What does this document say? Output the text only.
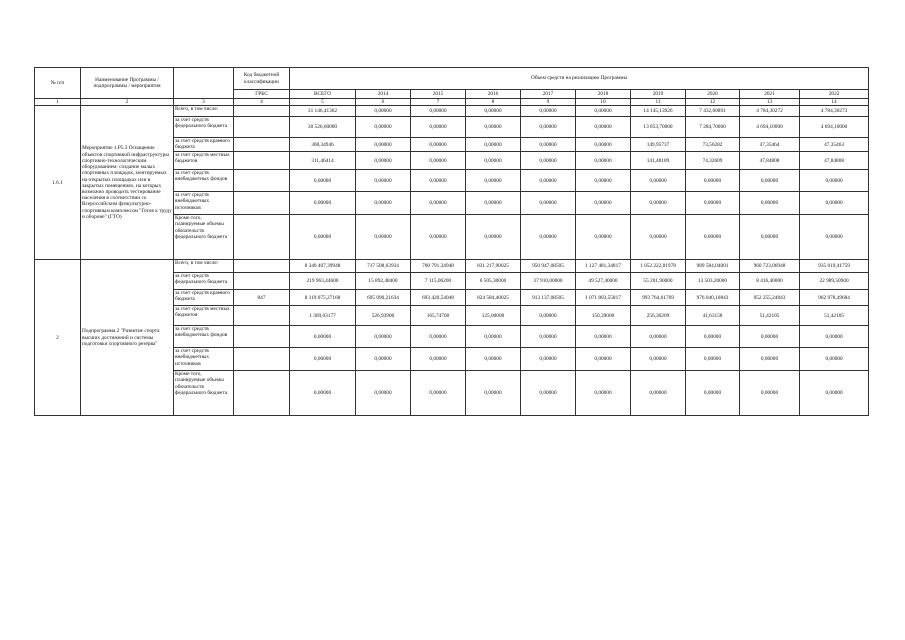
№ п/п	Наименование Программы / подпрограммы / мероприятия		Код бюджетной классификации	Объем средств на реализацию Программы									
			ГРБС	ВСЕГО	2014	2015	2016	2017	2018	2019	2020	2021	2022
1	2	3	4	5	6	7	8	9	10	11	12	13	14
1.6.1	Мероприятие 1.Р5.3 Оснащение объектов спортивной инфраструктуры спортивно-технологическим оборудованием: создание малых спортивных площадок, монтируемых на открытых площадках или в закрытых помещениях, на которых возможно проводить тестирование населения в соответствии со Всероссийским физкультурно-спортивным комплексом "Готов к труду и обороне" (ГТО)	Всего, в том числе:		31 146,41362	0,00000	0,00000	0,00000	0,00000	0,00000	14 145,13926	7 432,60891	4 784,30272	4 784,30273
		за счет средств федерального бюджета		30 526,60000	0,00000	0,00000	0,00000	0,00000	0,00000	13 853,70000	7 284,70000	4 694,10000	4 694,10000
		за счет средств краевого бюджета		308,34946	0,00000	0,00000	0,00000	0,00000	0,00000	149,95737	73,56282	47,35464	47,35463
		за счет средств местных бюджетов		311,46414	0,00000	0,00000	0,00000	0,00000	0,00000	141,48189	74,32609	47,84808	47,84808
		за счет средств внебюджетных фондов		0,00000	0,00000	0,00000	0,00000	0,00000	0,00000	0,00000	0,00000	0,00000	0,00000
		за счет средств внебюджетных источников		0,00000	0,00000	0,00000	0,00000	0,00000	0,00000	0,00000	0,00000	0,00000	0,00000
		Кроме того, планируемые объемы обязательств федерального бюджета		0,00000	0,00000	0,00000	0,00000	0,00000	0,00000	0,00000	0,00000	0,00000	0,00000
2	Подпрограмма 2 "Развитие спорта высших достижений и системы подготовки спортивного резерва"	Всего, в том числе:		8 340 407,39948	717 508,63934	700 791,34948	831 217,90025	950 947,08505	1 127 481,34817	1 052 222,81978	989 584,04001	960 723,06948	935 019,41759
		за счет средств федерального бюджета		219 963,44600	15 892,48400	7 115,06200	6 505,30000	37 910,00000	49 527,40000	55 201,90000	13 503,20000	8 416,40000	22 989,50900
		за счет средств краевого бюджета	847	8 119 075,27168	695 090,21634	693 420,54048	824 584,40025	913 137,08505	1 071 803,55817	993 764,61769	976 040,10843	952 255,24843	962 978,49684
		за счет средств местных бюджетов		1 369,03177	526,93900	165,74700	125,00000	0,00000	150,39000	256,30209	41,63158	51,42105	51,42105
		за счет средств внебюджетных фондов		0,00000	0,00000	0,00000	0,00000	0,00000	0,00000	0,00000	0,00000	0,00000	0,00000
		за счет средств внебюджетных источников		0,00000	0,00000	0,00000	0,00000	0,00000	0,00000	0,00000	0,00000	0,00000	0,00000
		Кроме того, планируемые объемы обязательств федерального бюджета		0,00000	0,00000	0,00000	0,00000	0,00000	0,00000	0,00000	0,00000	0,00000	0,00000
